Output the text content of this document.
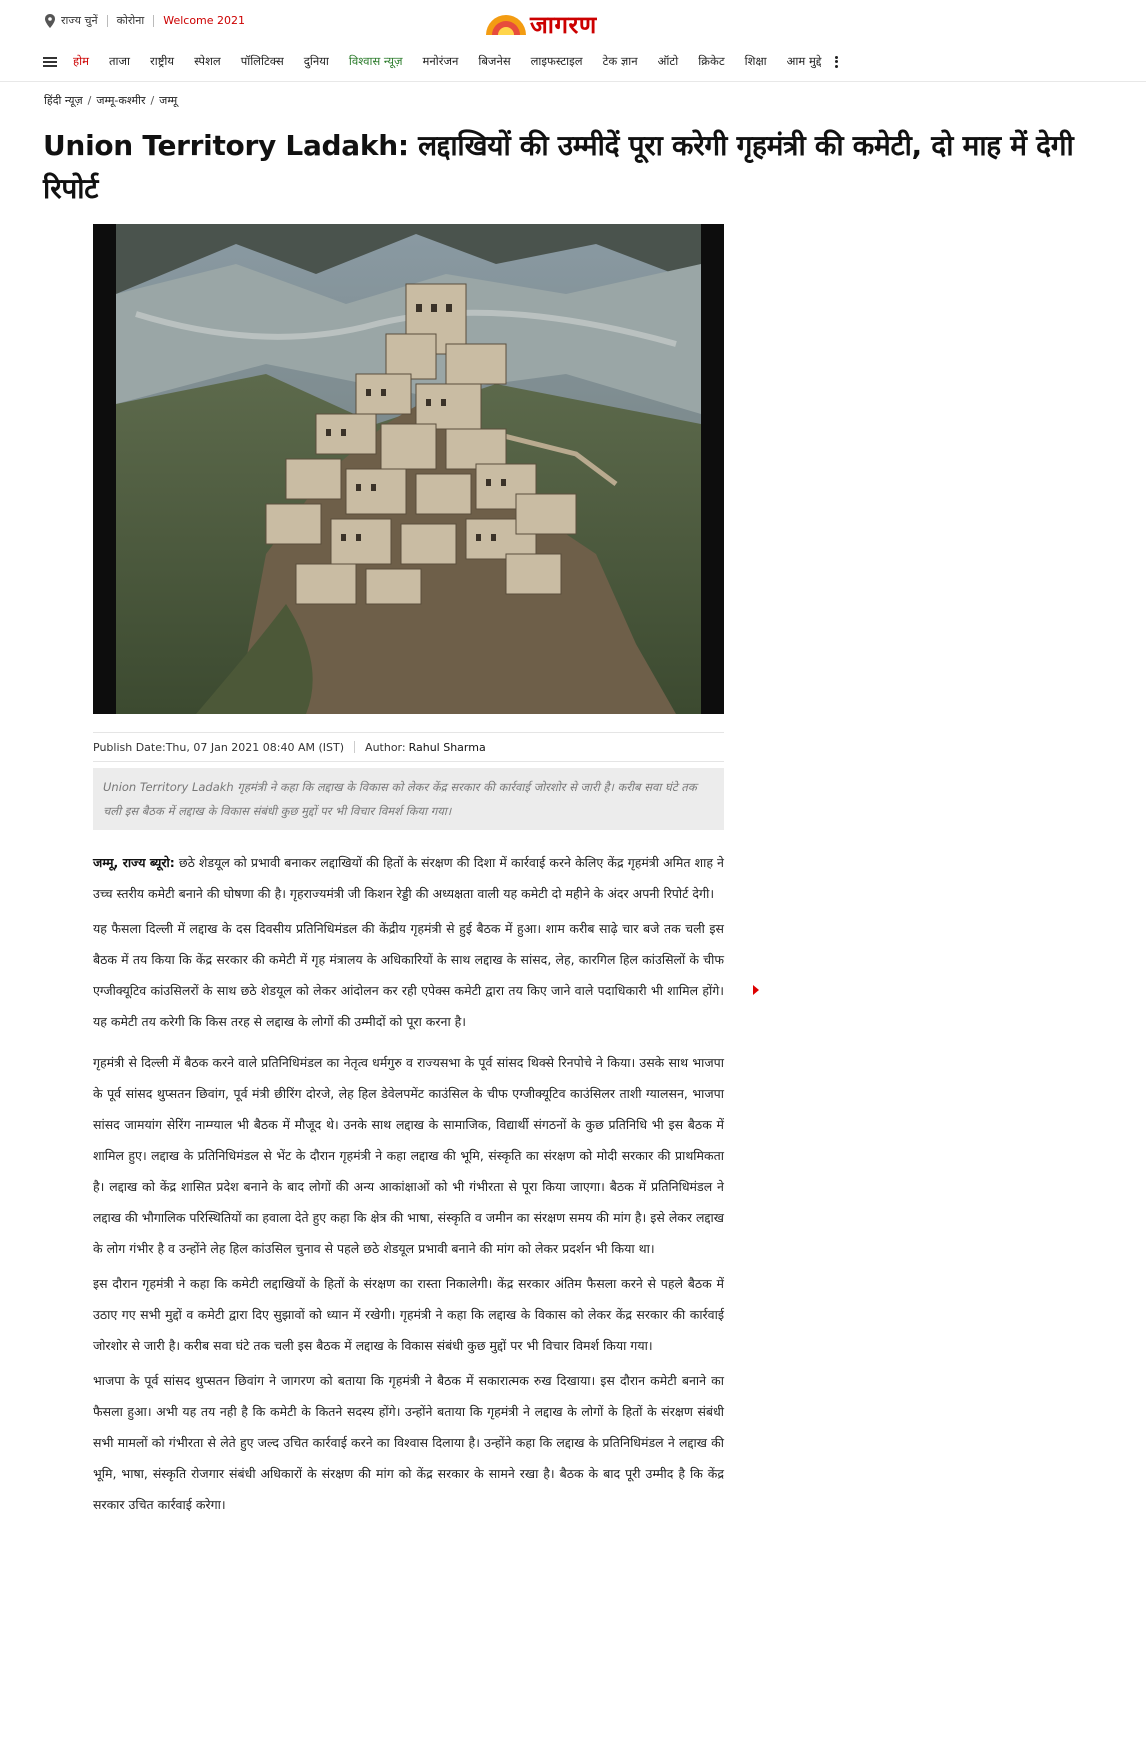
राज्य चुनें कोरोना Welcome 2021	जागरण
होम ताजा राष्ट्रीय स्पेशल पॉलिटिक्स दुनिया विश्वास न्यूज़ मनोरंजन बिजनेस लाइफस्टाइल टेक ज्ञान ऑटो क्रिकेट शिक्षा आम मुद्दे
हिंदी न्यूज़ / जम्मू-कश्मीर / जम्मू
Union Territory Ladakh: लद्दाखियों की उम्मीदें पूरा करेगी गृहमंत्री की कमेटी, दो माह में देगी रिपोर्ट
Publish Date:Thu, 07 Jan 2021 08:40 AM (IST) Author: Rahul Sharma
Union Territory Ladakh गृहमंत्री ने कहा कि लद्दाख के विकास को लेकर केंद्र सरकार की कार्रवाई जोरशोर से जारी है। करीब सवा घंटे तक चली इस बैठक में लद्दाख के विकास संबंधी कुछ मुद्दों पर भी विचार विमर्श किया गया।

जम्मू, राज्य ब्यूरो: छठे शेडयूल को प्रभावी बनाकर लद्दाखियों की हितों के संरक्षण की दिशा में कार्रवाई करने केलिए केंद्र गृहमंत्री अमित शाह ने उच्च स्तरीय कमेटी बनाने की घोषणा की है। गृहराज्यमंत्री जी किशन रेड्डी की अध्यक्षता वाली यह कमेटी दो महीने के अंदर अपनी रिपोर्ट देगी।

यह फैसला दिल्ली में लद्दाख के दस दिवसीय प्रतिनिधिमंडल की केंद्रीय गृहमंत्री से हुई बैठक में हुआ। शाम करीब साढ़े चार बजे तक चली इस बैठक में तय किया कि केंद्र सरकार की कमेटी में गृह मंत्रालय के अधिकारियों के साथ लद्दाख के सांसद, लेह, कारगिल हिल कांउसिलों के चीफ एग्जीक्यूटिव कांउसिलरों के साथ छठे शेडयूल को लेकर आंदोलन कर रही एपेक्स कमेटी द्वारा तय किए जाने वाले पदाधिकारी भी शामिल होंगे। यह कमेटी तय करेगी कि किस तरह से लद्दाख के लोगों की उम्मीदों को पूरा करना है।

गृहमंत्री से दिल्ली में बैठक करने वाले प्रतिनिधिमंडल का नेतृत्व धर्मगुरु व राज्यसभा के पूर्व सांसद थिक्से रिनपोचे ने किया। उसके साथ भाजपा के पूर्व सांसद थुप्सतन छिवांग, पूर्व मंत्री छीरिंग दोरजे, लेह हिल डेवेलपमेंट काउंसिल के चीफ एग्जीक्यूटिव काउंसिलर ताशी ग्यालसन, भाजपा सांसद जामयांग सेरिंग नाम्ग्याल भी बैठक में मौजूद थे। उनके साथ लद्दाख के सामाजिक, विद्यार्थी संगठनों के कुछ प्रतिनिधि भी इस बैठक में शामिल हुए। लद्दाख के प्रतिनिधिमंडल से भेंट के दौरान गृहमंत्री ने कहा लद्दाख की भूमि, संस्कृति का संरक्षण को मोदी सरकार की प्राथमिकता है। लद्दाख को केंद्र शासित प्रदेश बनाने के बाद लोगों की अन्य आकांक्षाओं को भी गंभीरता से पूरा किया जाएगा। बैठक में प्रतिनिधिमंडल ने लद्दाख की भौगालिक परिस्थितियों का हवाला देते हुए कहा कि क्षेत्र की भाषा, संस्कृति व जमीन का संरक्षण समय की मांग है। इसे लेकर लद्दाख के लोग गंभीर है व उन्होंने लेह हिल कांउसिल चुनाव से पहले छठे शेडयूल प्रभावी बनाने की मांग को लेकर प्रदर्शन भी किया था।

इस दौरान गृहमंत्री ने कहा कि कमेटी लद्दाखियों के हितों के संरक्षण का रास्ता निकालेगी। केंद्र सरकार अंतिम फैसला करने से पहले बैठक में उठाए गए सभी मुद्दों व कमेटी द्वारा दिए सुझावों को ध्यान में रखेगी। गृहमंत्री ने कहा कि लद्दाख के विकास को लेकर केंद्र सरकार की कार्रवाई जोरशोर से जारी है। करीब सवा घंटे तक चली इस बैठक में लद्दाख के विकास संबंधी कुछ मुद्दों पर भी विचार विमर्श किया गया।

भाजपा के पूर्व सांसद थुप्सतन छिवांग ने जागरण को बताया कि गृहमंत्री ने बैठक में सकारात्मक रुख दिखाया। इस दौरान कमेटी बनाने का फैसला हुआ। अभी यह तय नही है कि कमेटी के कितने सदस्य होंगे। उन्होंने बताया कि गृहमंत्री ने लद्दाख के लोगों के हितों के संरक्षण संबंधी सभी मामलों को गंभीरता से लेते हुए जल्द उचित कार्रवाई करने का विश्वास दिलाया है। उन्होंने कहा कि लद्दाख के प्रतिनिधिमंडल ने लद्दाख की भूमि, भाषा, संस्कृति रोजगार संबंधी अधिकारों के संरक्षण की मांग को केंद्र सरकार के सामने रखा है। बैठक के बाद पूरी उम्मीद है कि केंद्र सरकार उचित कार्रवाई करेगा।
